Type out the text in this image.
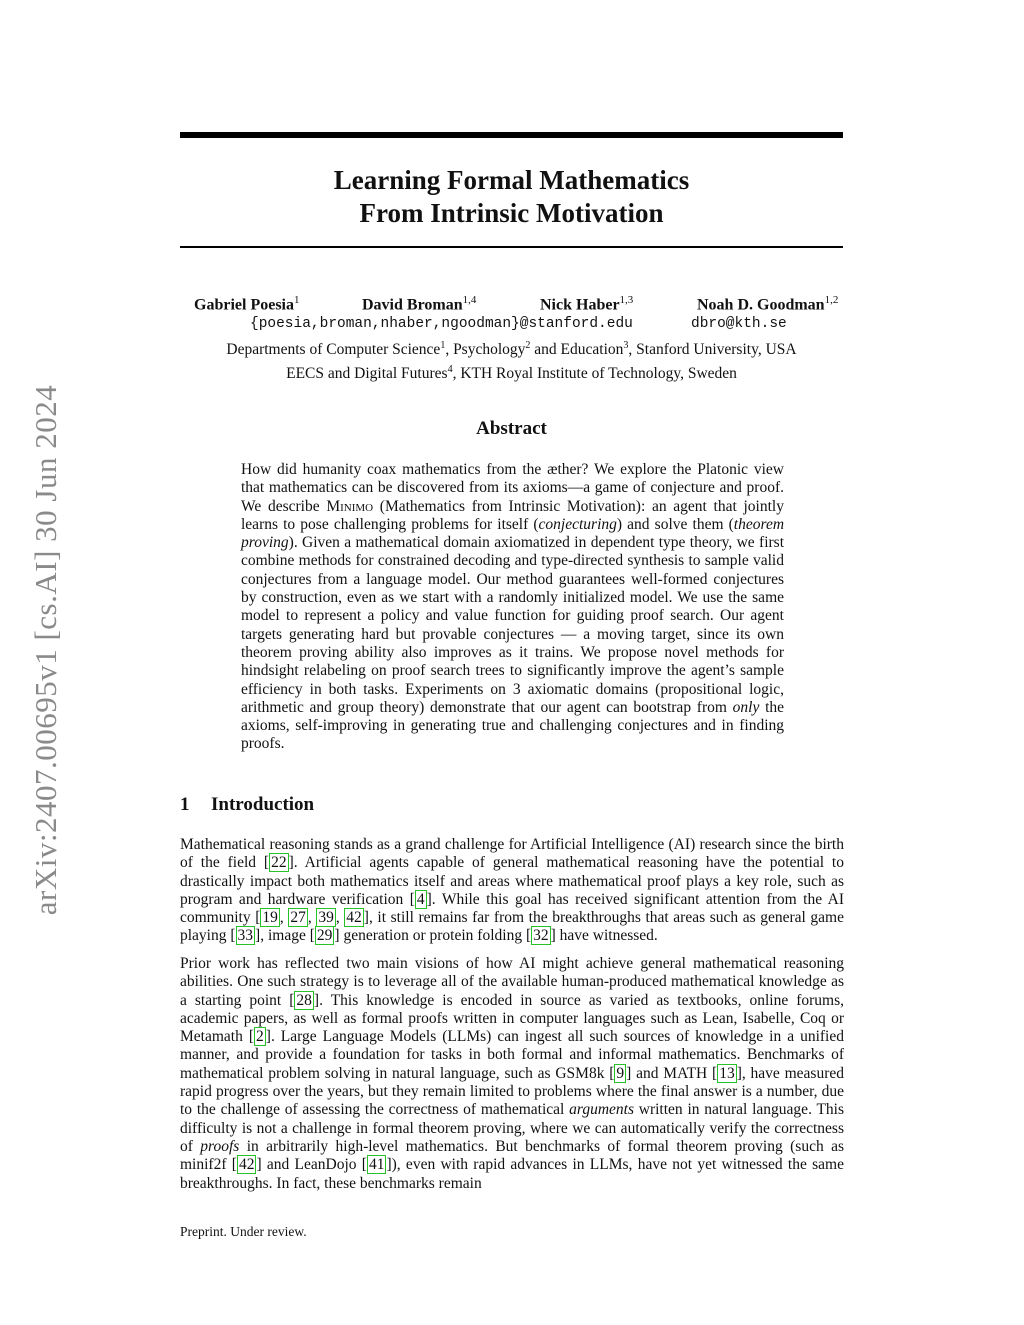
arXiv:2407.00695v1 [cs.AI] 30 Jun 2024
Learning Formal Mathematics
From Intrinsic Motivation
Gabriel Poesia$^1$	David Broman$^{1,4}$	Nick Haber$^{1,3}$	Noah D. Goodman$^{1,2}$
{poesia,broman,nhaber,ngoodman}@stanford.edu	dbro@kth.se
Departments of Computer Science$^1$, Psychology$^2$ and Education$^3$, Stanford University, USA
EECS and Digital Futures$^4$, KTH Royal Institute of Technology, Sweden
Abstract
How did humanity coax mathematics from the æther? We explore the Platonic view that mathematics can be discovered from its axioms—a game of conjecture and proof. We describe Minimo (Mathematics from Intrinsic Motivation): an agent that jointly learns to pose challenging problems for itself (conjecturing) and solve them (theorem proving). Given a mathematical domain axiomatized in dependent type theory, we first combine methods for constrained decoding and type-directed synthesis to sample valid conjectures from a language model. Our method guarantees well-formed conjectures by construction, even as we start with a randomly initialized model. We use the same model to represent a policy and value function for guiding proof search. Our agent targets generating hard but provable conjectures — a moving target, since its own theorem proving ability also improves as it trains. We propose novel methods for hindsight relabeling on proof search trees to significantly improve the agent’s sample efficiency in both tasks. Experiments on 3 axiomatic domains (propositional logic, arithmetic and group theory) demonstrate that our agent can bootstrap from only the axioms, self-improving in generating true and challenging conjectures and in finding proofs.
1 Introduction
Mathematical reasoning stands as a grand challenge for Artificial Intelligence (AI) research since the birth of the field [ 22 ]. Artificial agents capable of general mathematical reasoning have the potential to drastically impact both mathematics itself and areas where mathematical proof plays a key role, such as program and hardware verification [ 4 ]. While this goal has received significant attention from the AI community [ 19 , 27 , 39 , 42 ], it still remains far from the breakthroughs that areas such as general game playing [ 33 ], image [ 29 ] generation or protein folding [ 32 ] have witnessed.
Prior work has reflected two main visions of how AI might achieve general mathematical reasoning abilities. One such strategy is to leverage all of the available human-produced mathematical knowledge as a starting point [ 28 ]. This knowledge is encoded in source as varied as textbooks, online forums, academic papers, as well as formal proofs written in computer languages such as Lean, Isabelle, Coq or Metamath [ 2 ]. Large Language Models (LLMs) can ingest all such sources of knowledge in a unified manner, and provide a foundation for tasks in both formal and informal mathematics. Benchmarks of mathematical problem solving in natural language, such as GSM8k [ 9 ] and MATH [ 13 ], have measured rapid progress over the years, but they remain limited to problems where the final answer is a number, due to the challenge of assessing the correctness of mathematical arguments written in natural language. This difficulty is not a challenge in formal theorem proving, where we can automatically verify the correctness of proofs in arbitrarily high-level mathematics. But benchmarks of formal theorem proving (such as minif2f [ 42 ] and LeanDojo [ 41 ]), even with rapid advances in LLMs, have not yet witnessed the same breakthroughs. In fact, these benchmarks remain
Preprint. Under review.
